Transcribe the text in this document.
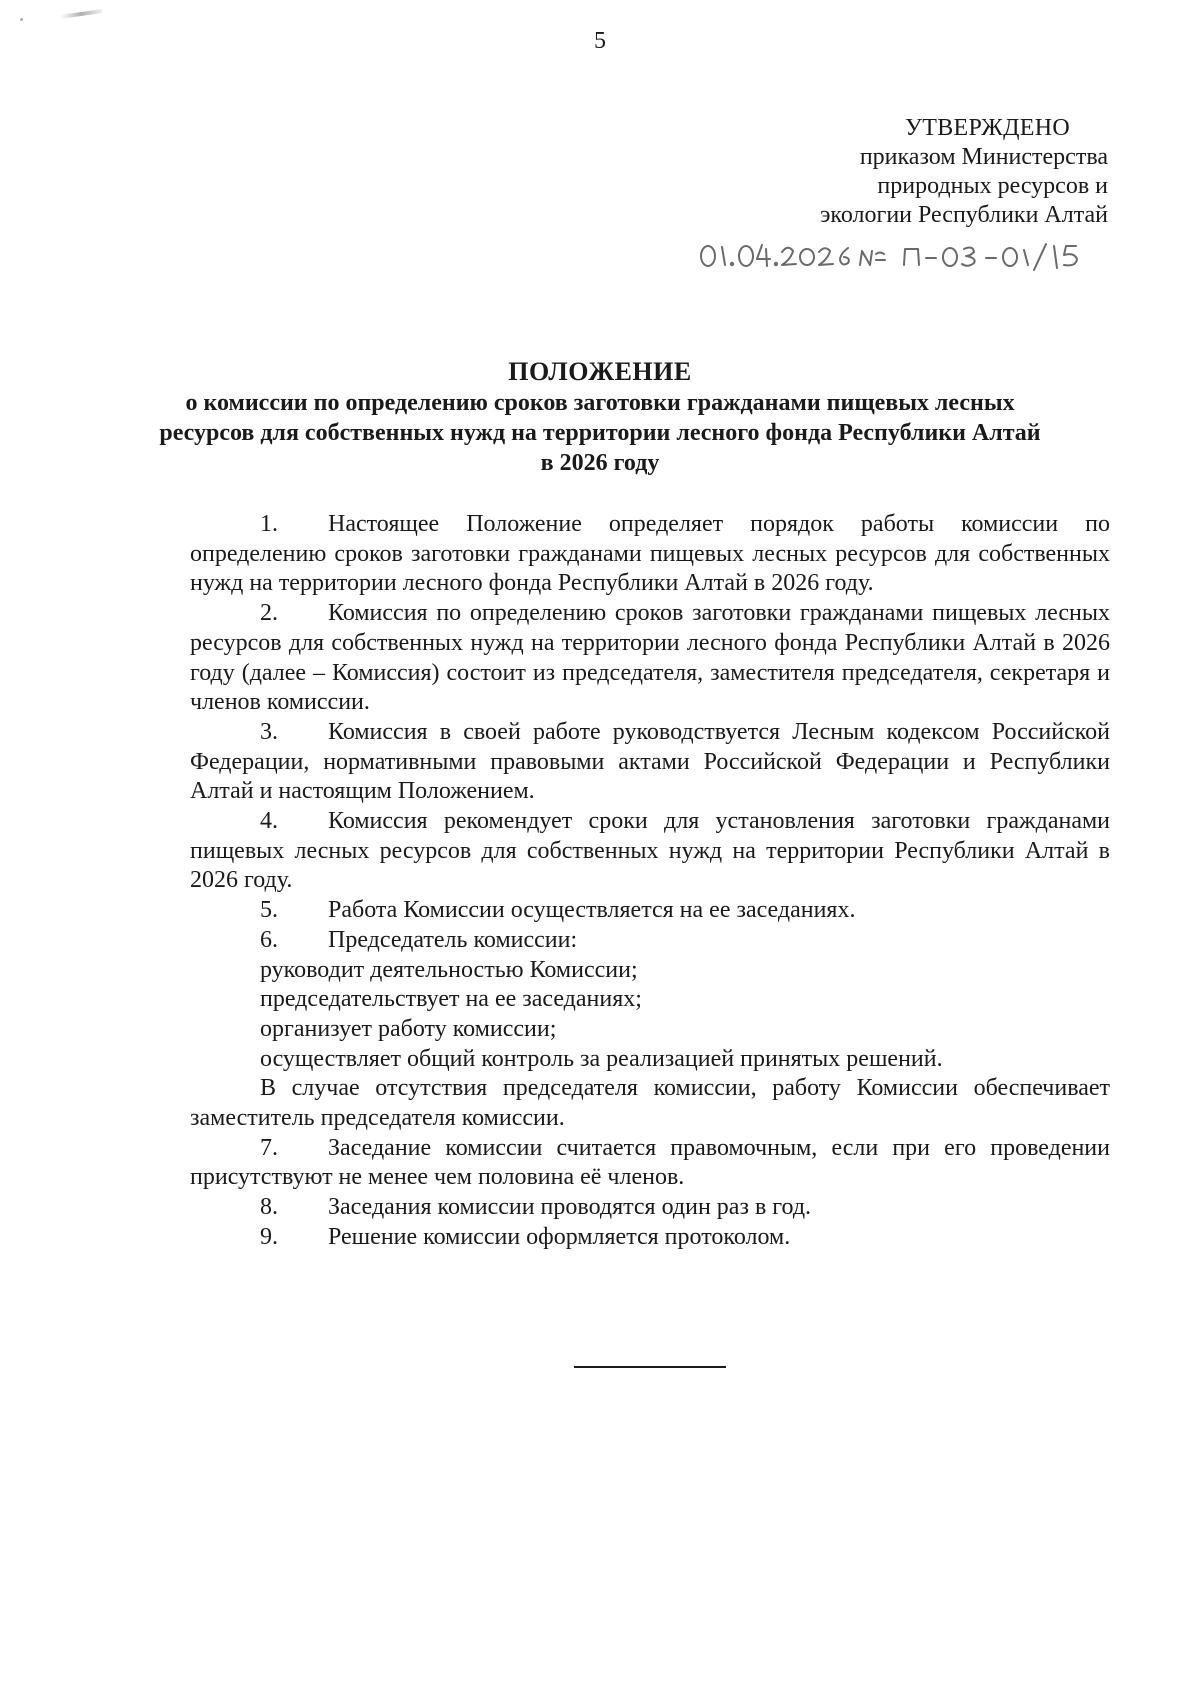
5
УТВЕРЖДЕНО
приказом Министерства
природных ресурсов и
экологии Республики Алтай
ПОЛОЖЕНИЕ
о комиссии по определению сроков заготовки гражданами пищевых лесных
ресурсов для собственных нужд на территории лесного фонда Республики Алтай
в 2026 году

1. Настоящее Положение определяет порядок работы комиссии по определению сроков заготовки гражданами пищевых лесных ресурсов для собственных нужд на территории лесного фонда Республики Алтай в 2026 году.

2. Комиссия по определению сроков заготовки гражданами пищевых лесных ресурсов для собственных нужд на территории лесного фонда Республики Алтай в 2026 году (далее – Комиссия) состоит из председателя, заместителя председателя, секретаря и членов комиссии.

3. Комиссия в своей работе руководствуется Лесным кодексом Российской Федерации, нормативными правовыми актами Российской Федерации и Республики Алтай и настоящим Положением.

4. Комиссия рекомендует сроки для установления заготовки гражданами пищевых лесных ресурсов для собственных нужд на территории Республики Алтай в 2026 году.

5. Работа Комиссии осуществляется на ее заседаниях.

6. Председатель комиссии:

руководит деятельностью Комиссии;

председательствует на ее заседаниях;

организует работу комиссии;

осуществляет общий контроль за реализацией принятых решений.

В случае отсутствия председателя комиссии, работу Комиссии обеспечивает заместитель председателя комиссии.

7. Заседание комиссии считается правомочным, если при его проведении присутствуют не менее чем половина её членов.

8. Заседания комиссии проводятся один раз в год.

9. Решение комиссии оформляется протоколом.
